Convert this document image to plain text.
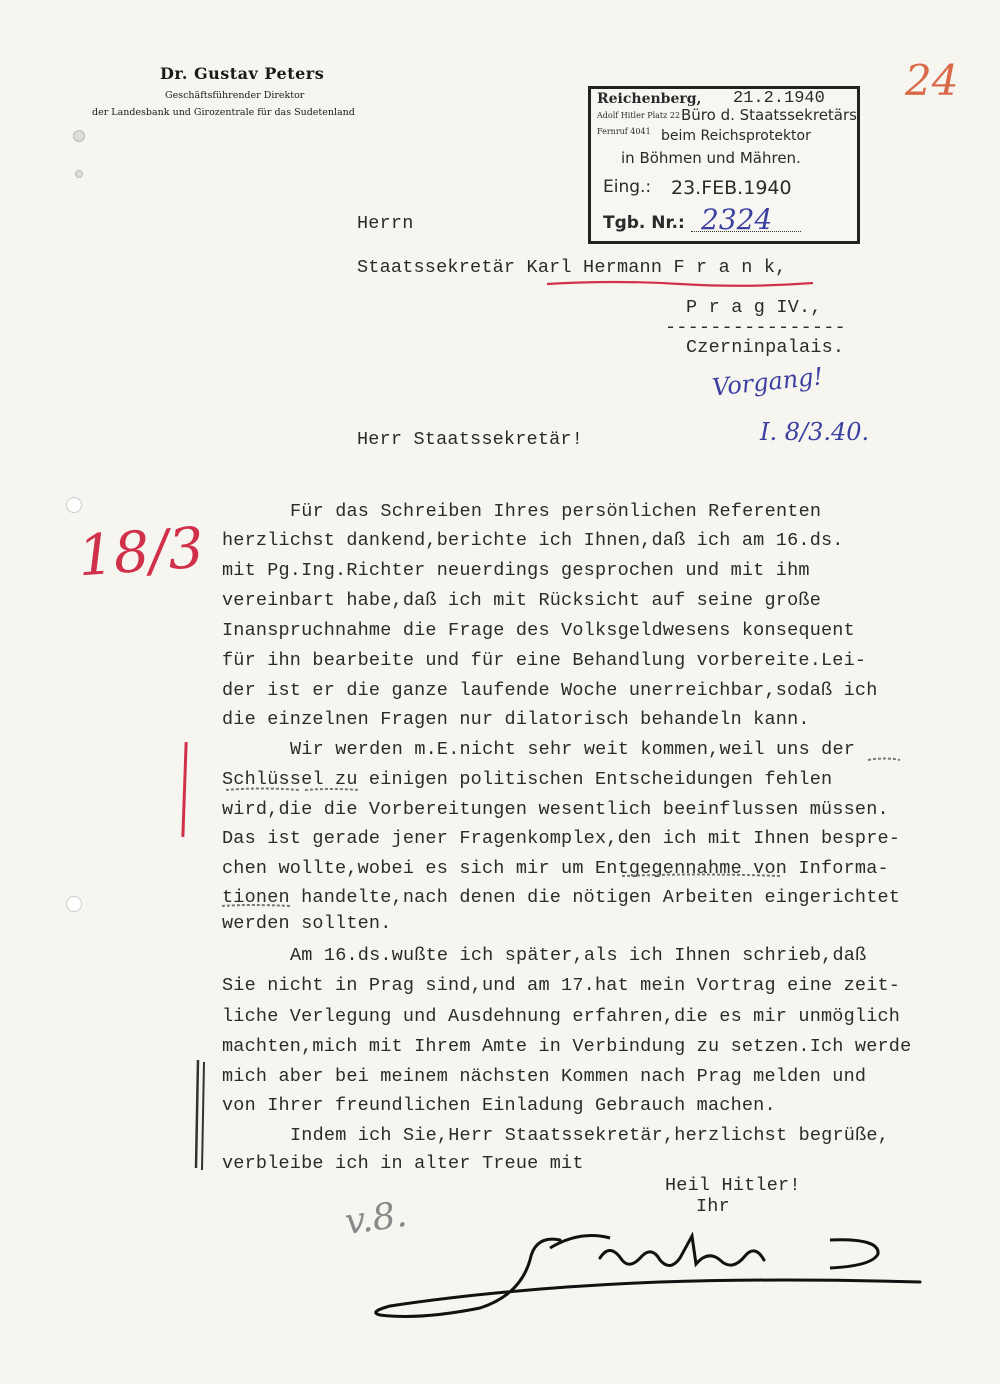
Dr. Gustav Peters
Geschäftsführender Direktor
der Landesbank und Girozentrale für das Sudetenland
Reichenberg, 21.2.1940
Adolf Hitler Platz 22
Fernruf 4041
Büro d. Staatssekretärs
beim Reichsprotektor
in Böhmen und Mähren.
Eing.: 23.FEB.1940
Tgb. Nr.: 2324
24
Vorgang!
I. 8/3.40.
18/3
v.8.
Herrn
Staatssekretär Karl Hermann F r a n k,
P r a g IV.,
----------------
Czerninpalais.
Herr Staatssekretär!
Für das Schreiben Ihres persönlichen Referenten
herzlichst dankend,berichte ich Ihnen,daß ich am 16.ds.
mit Pg.Ing.Richter neuerdings gesprochen und mit ihm
vereinbart habe,daß ich mit Rücksicht auf seine große
Inanspruchnahme die Frage des Volksgeldwesens konsequent
für ihn bearbeite und für eine Behandlung vorbereite.Lei-
der ist er die ganze laufende Woche unerreichbar,sodaß ich
die einzelnen Fragen nur dilatorisch behandeln kann.
Wir werden m.E.nicht sehr weit kommen,weil uns der
Schlüssel zu einigen politischen Entscheidungen fehlen
wird,die die Vorbereitungen wesentlich beeinflussen müssen.
Das ist gerade jener Fragenkomplex,den ich mit Ihnen bespre-
chen wollte,wobei es sich mir um Entgegennahme von Informa-
tionen handelte,nach denen die nötigen Arbeiten eingerichtet
werden sollten.
Am 16.ds.wußte ich später,als ich Ihnen schrieb,daß
Sie nicht in Prag sind,und am 17.hat mein Vortrag eine zeit-
liche Verlegung und Ausdehnung erfahren,die es mir unmöglich
machten,mich mit Ihrem Amte in Verbindung zu setzen.Ich werde
mich aber bei meinem nächsten Kommen nach Prag melden und
von Ihrer freundlichen Einladung Gebrauch machen.
Indem ich Sie,Herr Staatssekretär,herzlichst begrüße,
verbleibe ich in alter Treue mit
Heil Hitler!
Ihr
